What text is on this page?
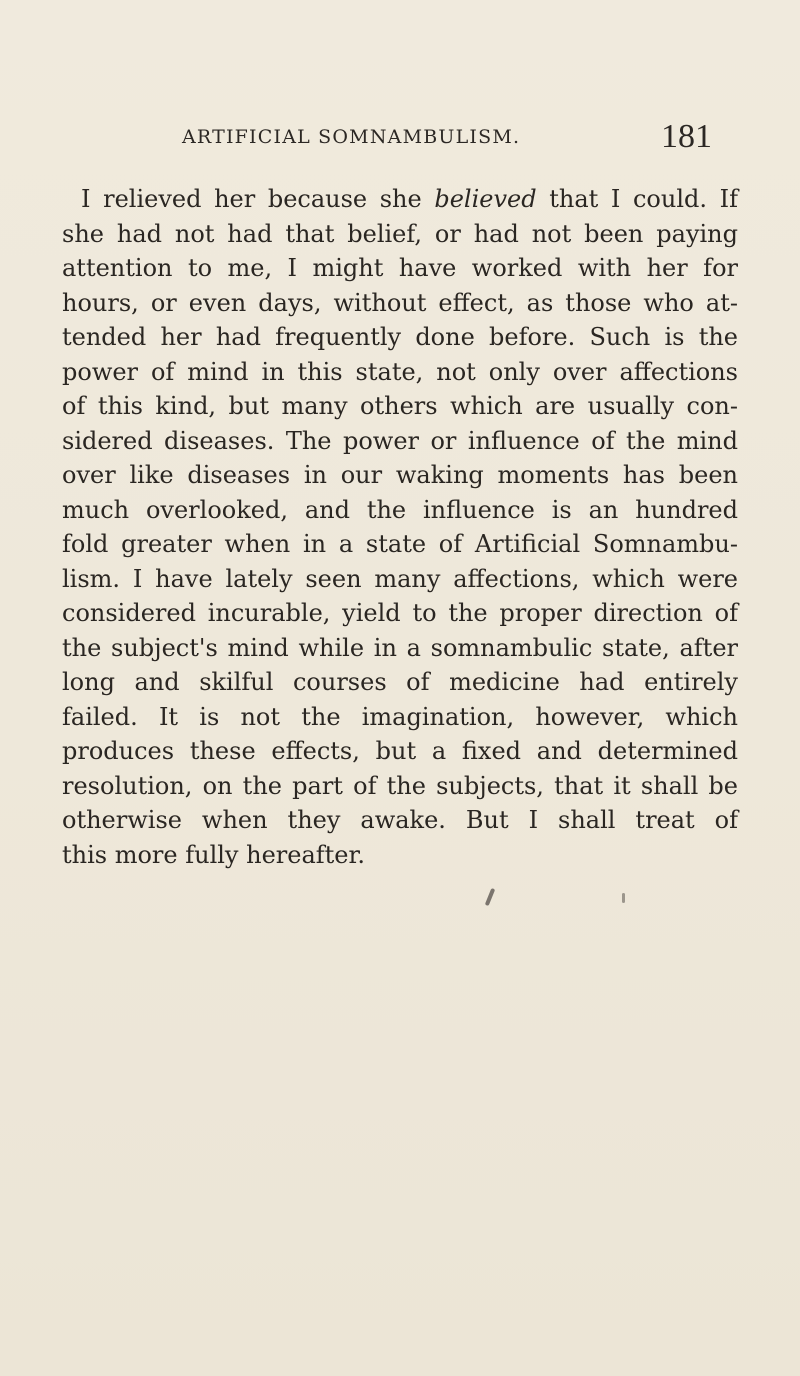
ARTIFICIAL SOMNAMBULISM.	181
I relieved her because she believed that I could. If
she had not had that belief, or had not been paying
attention to me, I might have worked with her for
hours, or even days, without effect, as those who at-
tended her had frequently done before. Such is the
power of mind in this state, not only over affections
of this kind, but many others which are usually con-
sidered diseases. The power or influence of the mind
over like diseases in our waking moments has been
much overlooked, and the influence is an hundred
fold greater when in a state of Artificial Somnambu-
lism. I have lately seen many affections, which were
considered incurable, yield to the proper direction of
the subject's mind while in a somnambulic state, after
long and skilful courses of medicine had entirely
failed. It is not the imagination, however, which
produces these effects, but a fixed and determined
resolution, on the part of the subjects, that it shall be
otherwise when they awake. But I shall treat of
this more fully hereafter.
